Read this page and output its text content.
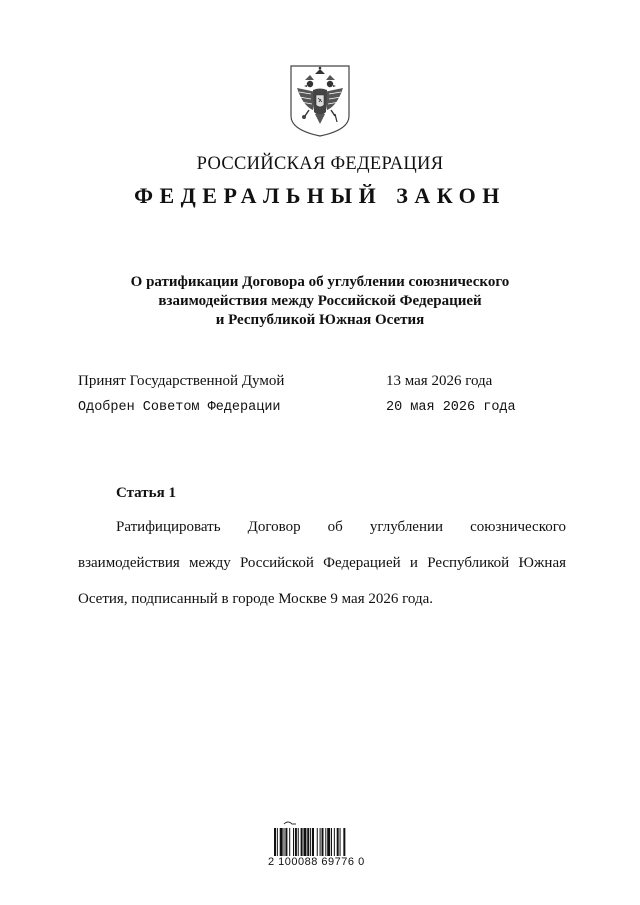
РОССИЙСКАЯ ФЕДЕРАЦИЯ
ФЕДЕРАЛЬНЫЙ ЗАКОН
О ратификации Договора об углублении союзнического
взаимодействия между Российской Федерацией
и Республикой Южная Осетия
Принят Государственной Думой	13 мая 2026 года
Одобрен Советом Федерации	20 мая 2026 года
Статья 1
Ратифицировать Договор об углублении союзнического
взаимодействия между Российской Федерацией и Республикой Южная
Осетия, подписанный в городе Москве 9 мая 2026 года.
2 100088 69776 0
